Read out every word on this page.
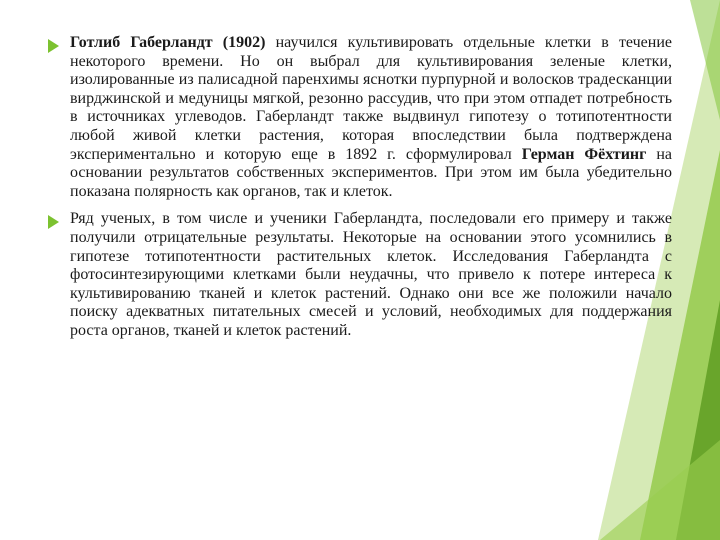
Готлиб Габерландт (1902) научился культивировать отдельные клетки в течение некоторого времени. Но он выбрал для культивирования зеленые клетки, изолированные из палисадной паренхимы яснотки пурпурной и волосков традесканции вирджинской и медуницы мягкой, резонно рассудив, что при этом отпадет потребность в источниках углеводов. Габерландт также выдвинул гипотезу о тотипотентности любой живой клетки растения, которая впоследствии была подтверждена экспериментально и которую еще в 1892 г. сформулировал Герман Фёхтинг на основании результатов собственных экспериментов. При этом им была убедительно показана полярность как органов, так и клеток.

Ряд ученых, в том числе и ученики Габерландта, последовали его примеру и также получили отрицательные результаты. Некоторые на основании этого усомнились в гипотезе тотипотентности растительных клеток. Исследования Габерландта с фотосинтезирующими клетками были неудачны, что привело к потере интереса к культивированию тканей и клеток растений. Однако они все же положили начало поиску адекватных питательных смесей и условий, необходимых для поддержания роста органов, тканей и клеток растений.
